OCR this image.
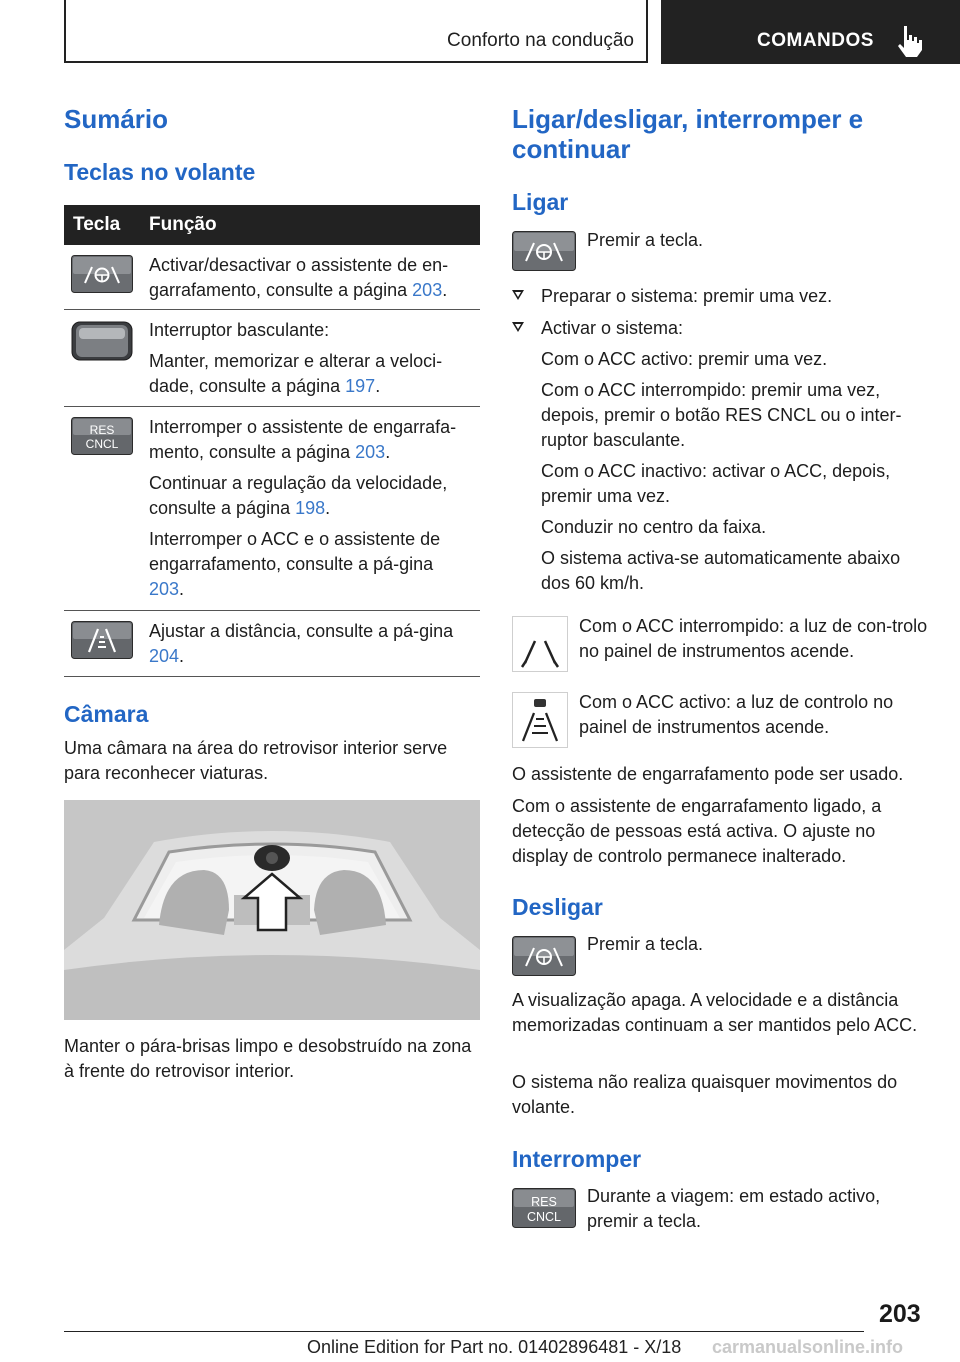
Conforto na condução	COMANDOS
Sumário
Teclas no volante
Tecla Função

Activar/desactivar o assistente de en-garrafamento, consulte a página 203.

Interruptor basculante:

Manter, memorizar e alterar a veloci-dade, consulte a página 197.

RES
CNCL

Interromper o assistente de engarrafa-mento, consulte a página 203.

Continuar a regulação da velocidade, consulte a página 198.

Interromper o ACC e o assistente de engarrafamento, consulte a pá-gina 203.

Ajustar a distância, consulte a pá-gina 204.

Câmara
Uma câmara na área do retrovisor interior serve para reconhecer viaturas.
Manter o pára-brisas limpo e desobstruído na zona à frente do retrovisor interior.
Ligar/desligar, interromper e continuar
Ligar
Premir a tecla.

Preparar o sistema: premir uma vez.

Activar o sistema:

Com o ACC activo: premir uma vez.

Com o ACC interrompido: premir uma vez, depois, premir o botão RES CNCL ou o inter-ruptor basculante.

Com o ACC inactivo: activar o ACC, depois, premir uma vez.

Conduzir no centro da faixa.

O sistema activa-se automaticamente abaixo dos 60 km/h.

Com o ACC interrompido: a luz de con-trolo no painel de instrumentos acende.
Com o ACC activo: a luz de controlo no painel de instrumentos acende.
O assistente de engarrafamento pode ser usado.
Com o assistente de engarrafamento ligado, a detecção de pessoas está activa. O ajuste no display de controlo permanece inalterado.
Desligar
Premir a tecla.
A visualização apaga. A velocidade e a distância memorizadas continuam a ser mantidos pelo ACC.
O sistema não realiza quaisquer movimentos do volante.
Interromper
RES
CNCL
Durante a viagem: em estado activo, premir a tecla.
203
Online Edition for Part no. 01402896481 - X/18 carmanualsonline.info
